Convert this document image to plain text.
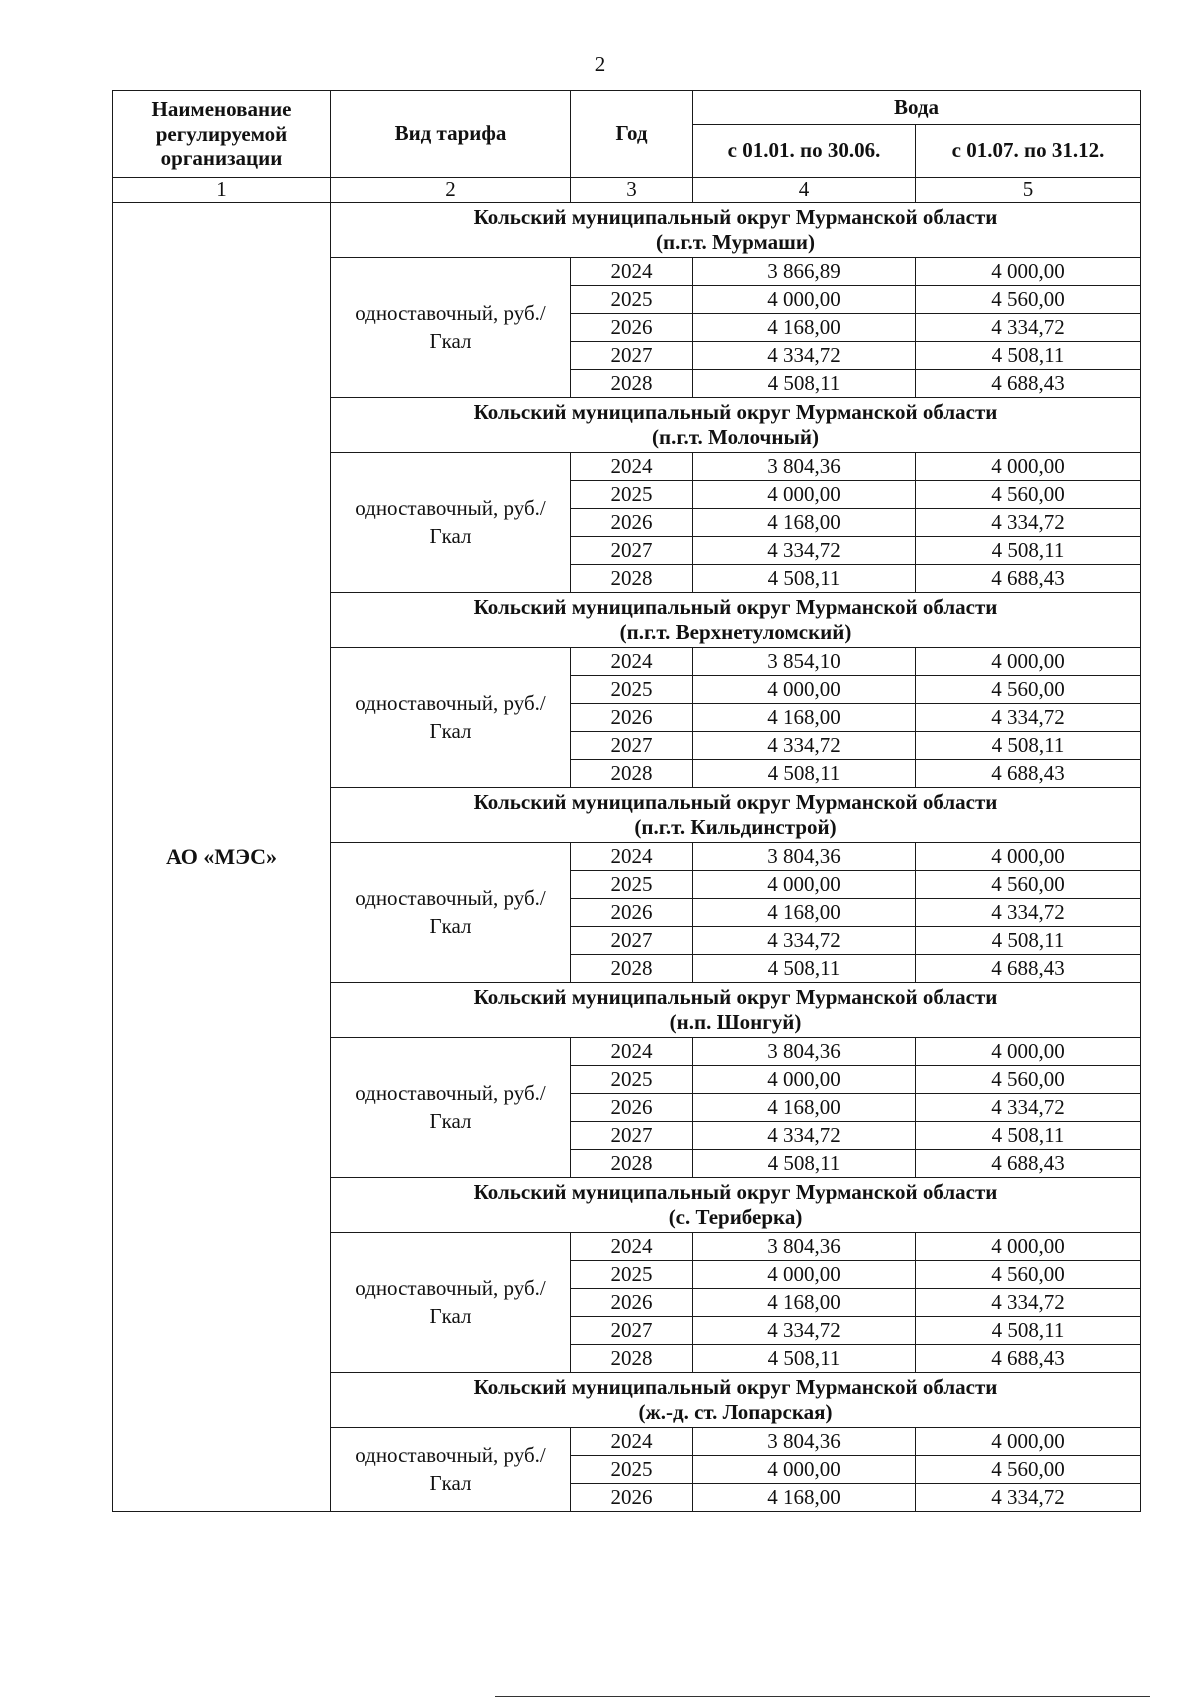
2
Наименование регулируемой организации	Вид тарифа	Год	Вода	
			с 01.01. по 30.06.	с 01.07. по 31.12.
1	2	3	4	5
АО «МЭС»	Кольский муниципальный округ Мурманской области
(п.г.т. Мурмаши)			

	одноставочный, руб./Гкал	2024	3 866,89	4 000,00
		2025	4 000,00	4 560,00
		2026	4 168,00	4 334,72
		2027	4 334,72	4 508,11
		2028	4 508,11	4 688,43

	Кольский муниципальный округ Мурманской области
(п.г.т. Молочный)			

	одноставочный, руб./Гкал	2024	3 804,36	4 000,00
		2025	4 000,00	4 560,00
		2026	4 168,00	4 334,72
		2027	4 334,72	4 508,11
		2028	4 508,11	4 688,43

	Кольский муниципальный округ Мурманской области
(п.г.т. Верхнетуломский)			

	одноставочный, руб./Гкал	2024	3 854,10	4 000,00
		2025	4 000,00	4 560,00
		2026	4 168,00	4 334,72
		2027	4 334,72	4 508,11
		2028	4 508,11	4 688,43

	Кольский муниципальный округ Мурманской области
(п.г.т. Кильдинстрой)			

	одноставочный, руб./Гкал	2024	3 804,36	4 000,00
		2025	4 000,00	4 560,00
		2026	4 168,00	4 334,72
		2027	4 334,72	4 508,11
		2028	4 508,11	4 688,43

	Кольский муниципальный округ Мурманской области
(н.п. Шонгуй)			

	одноставочный, руб./Гкал	2024	3 804,36	4 000,00
		2025	4 000,00	4 560,00
		2026	4 168,00	4 334,72
		2027	4 334,72	4 508,11
		2028	4 508,11	4 688,43

	Кольский муниципальный округ Мурманской области
(с. Териберка)			

	одноставочный, руб./Гкал	2024	3 804,36	4 000,00
		2025	4 000,00	4 560,00
		2026	4 168,00	4 334,72
		2027	4 334,72	4 508,11
		2028	4 508,11	4 688,43

	Кольский муниципальный округ Мурманской области
(ж.-д. ст. Лопарская)			

	одноставочный, руб./Гкал	2024	3 804,36	4 000,00
		2025	4 000,00	4 560,00
		2026	4 168,00	4 334,72
